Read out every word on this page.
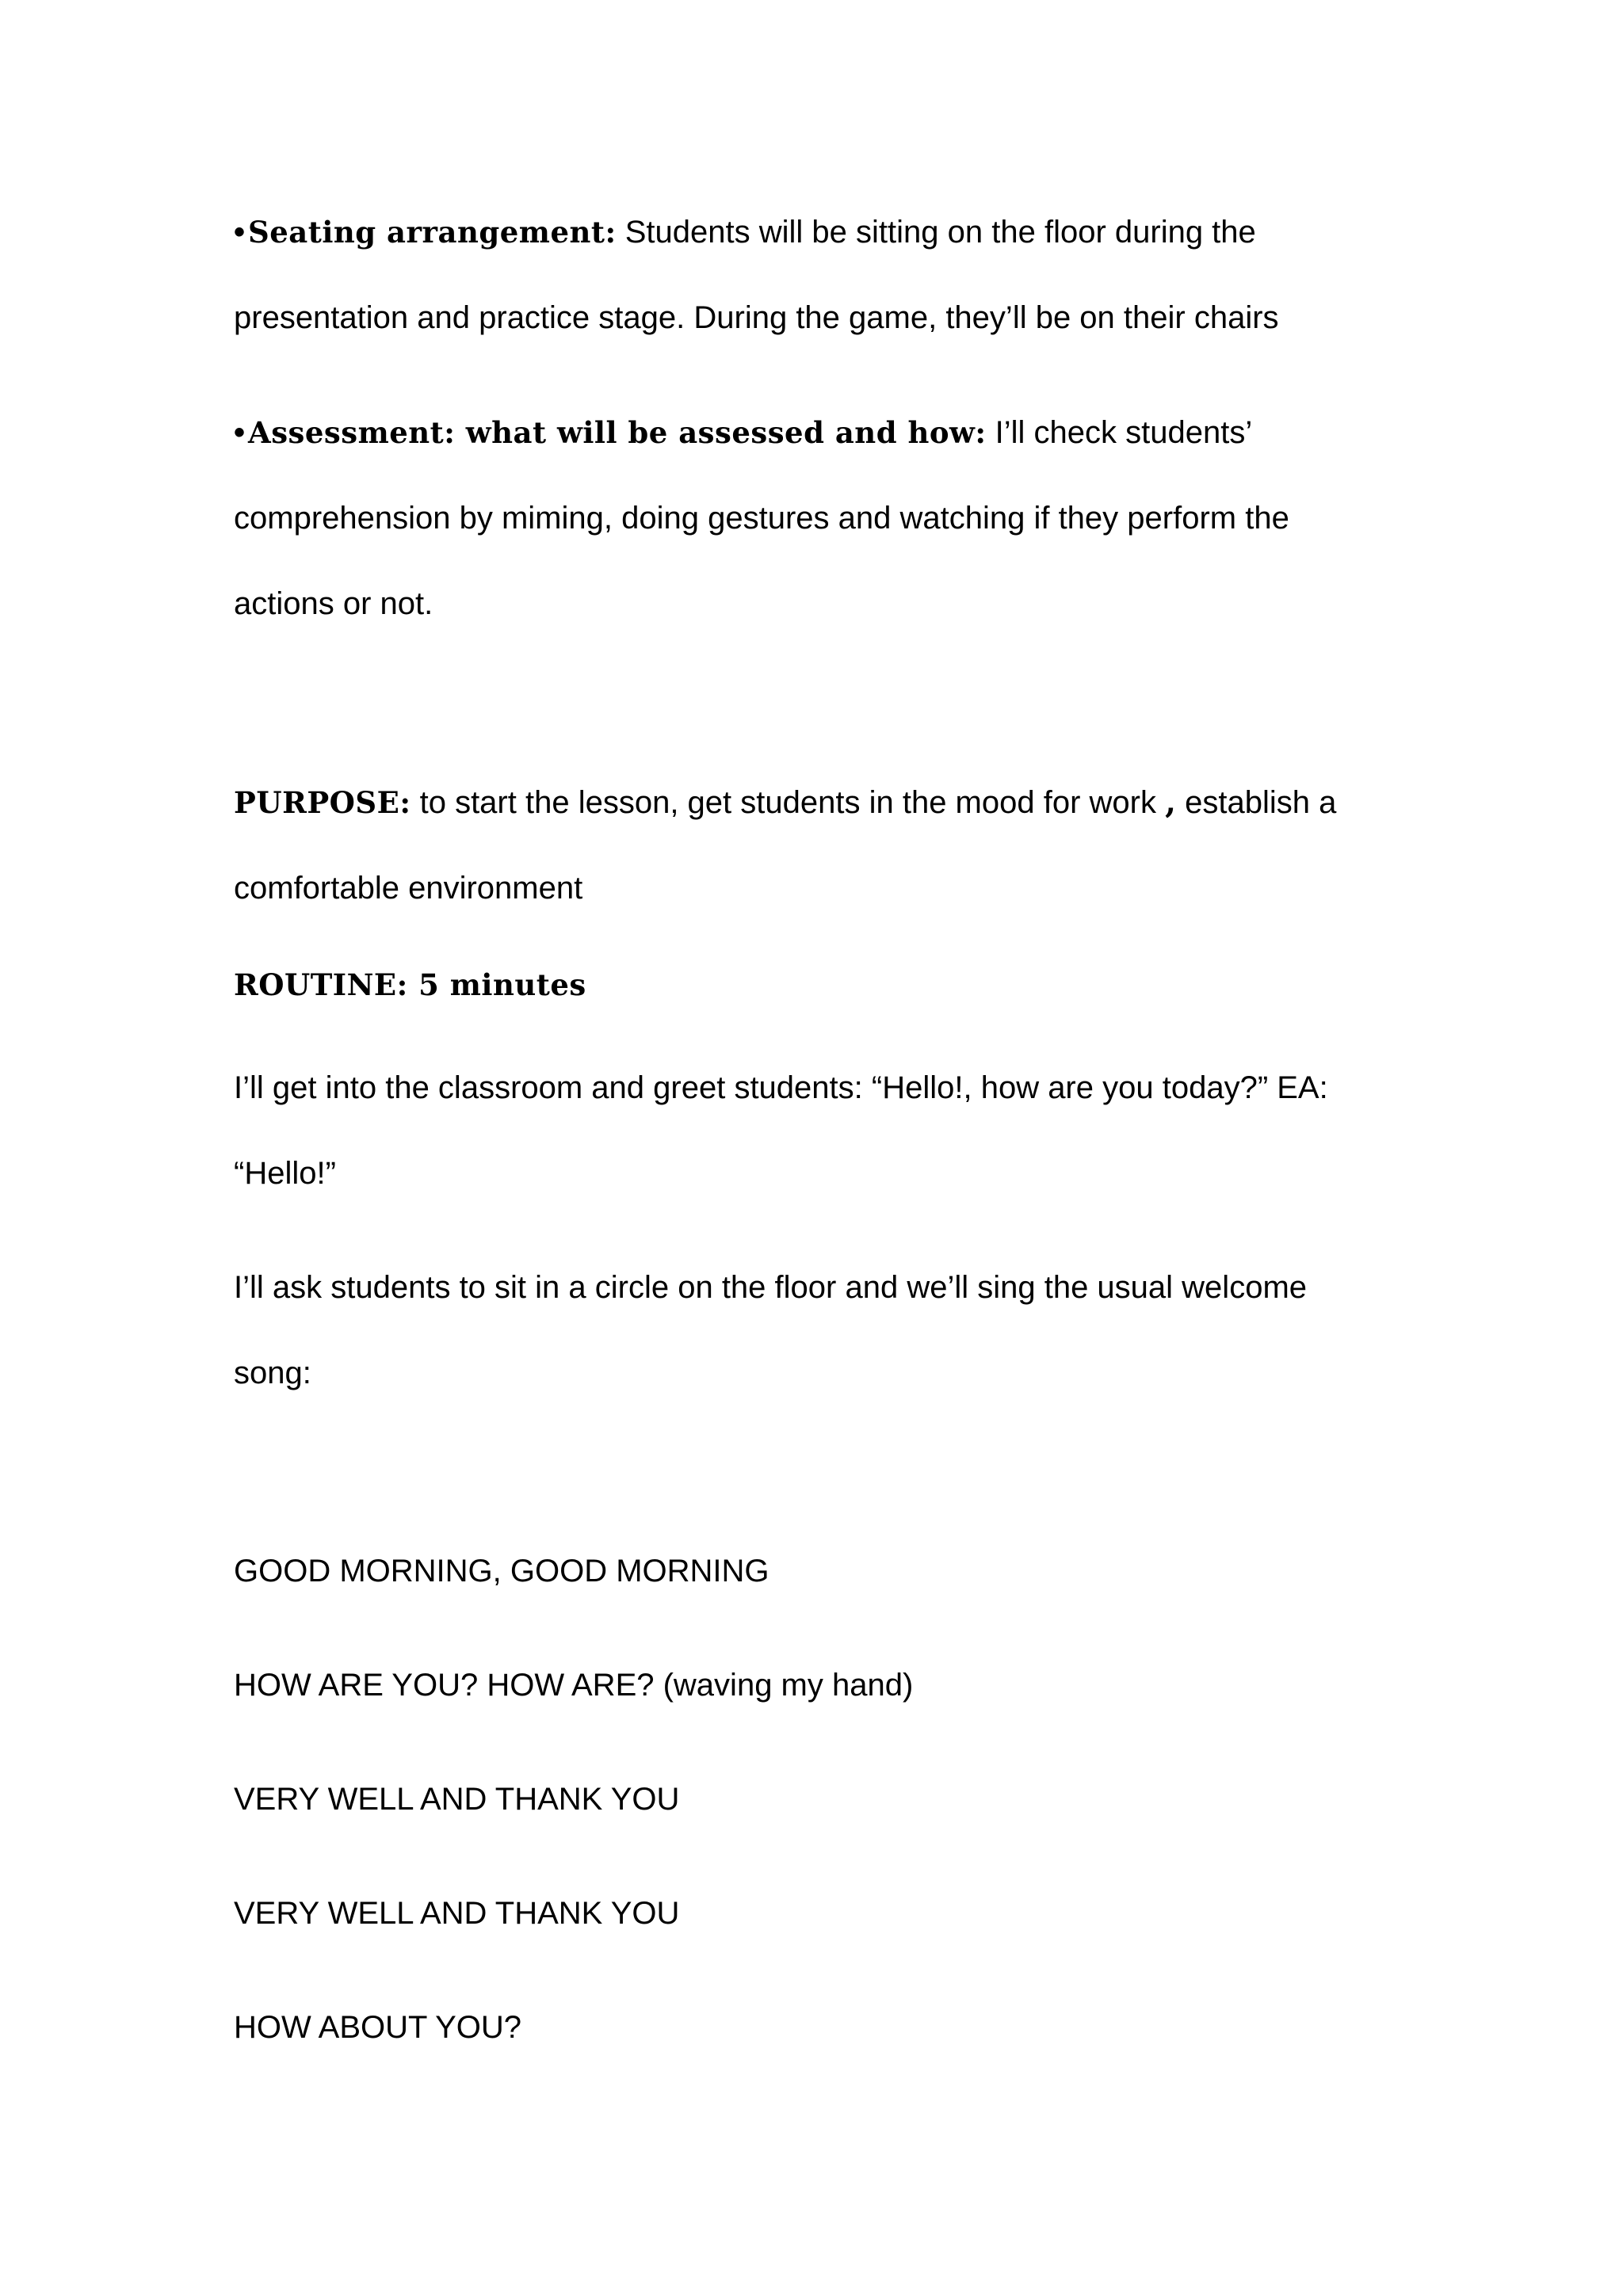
• Seating arrangement: Students will be sitting on the floor during the
presentation and practice stage. During the game, they’ll be on their chairs
• Assessment: what will be assessed and how: I’ll check students’
comprehension by miming, doing gestures and watching if they perform the
actions or not.
PURPOSE: to start the lesson, get students in the mood for work , establish a
comfortable environment
ROUTINE: 5 minutes
I’ll get into the classroom and greet students: “Hello!, how are you today?” EA:
“Hello!”
I’ll ask students to sit in a circle on the floor and we’ll sing the usual welcome
song:
GOOD MORNING, GOOD MORNING
HOW ARE YOU? HOW ARE? (waving my hand)
VERY WELL AND THANK YOU
VERY WELL AND THANK YOU
HOW ABOUT YOU?
